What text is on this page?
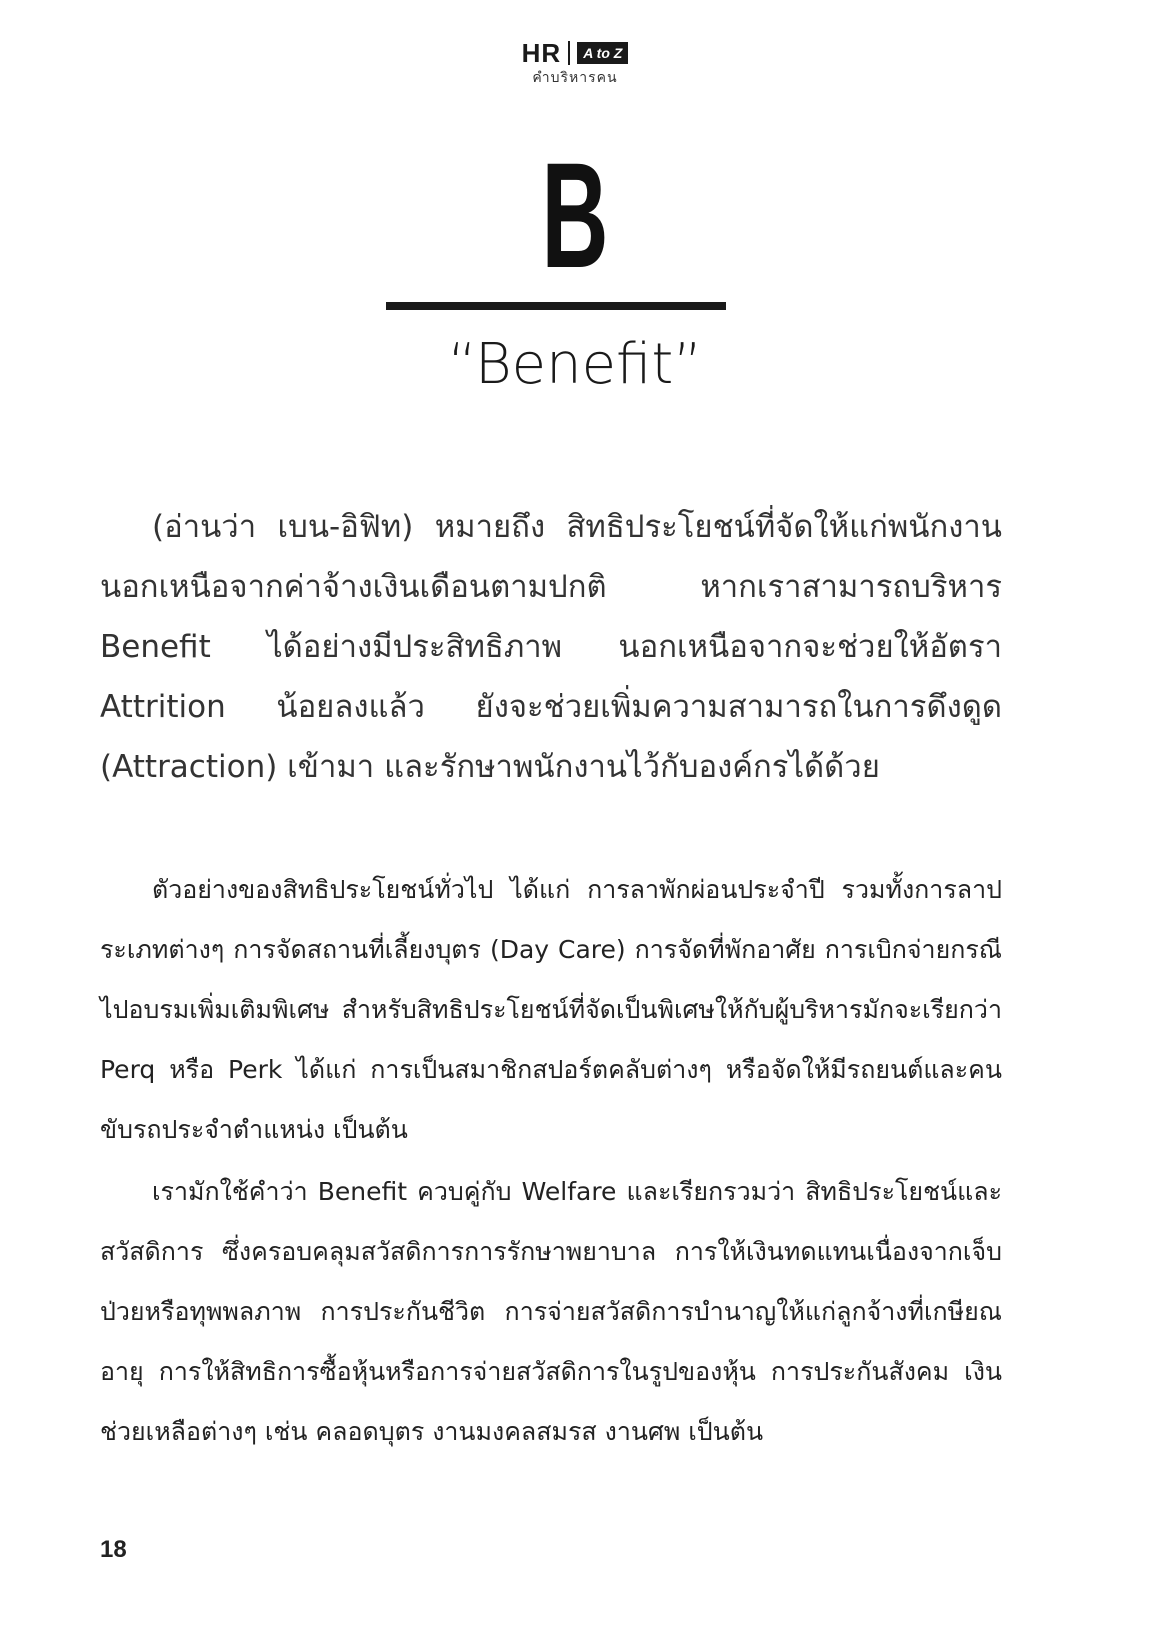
HR	A to Z
คำบริหารคน
B
“Benefit”

(อ่านว่า เบน-อิฟิท) หมายถึง สิทธิประโยชน์ที่จัดให้แก่พนักงาน นอกเหนือจากค่าจ้างเงินเดือนตามปกติ หากเราสามารถบริหาร Benefit ได้อย่างมีประสิทธิภาพ นอกเหนือจากจะช่วยให้อัตรา Attrition น้อยลงแล้ว ยังจะช่วยเพิ่มความสามารถในการดึงดูด (Attraction) เข้ามา และรักษาพนักงานไว้กับองค์กรได้ด้วย

ตัวอย่างของสิทธิประโยชน์ทั่วไป ได้แก่ การลาพักผ่อนประจำปี รวมทั้งการลาประเภทต่างๆ การจัดสถานที่เลี้ยงบุตร (Day Care) การจัดที่พักอาศัย การเบิกจ่ายกรณีไปอบรมเพิ่มเติมพิเศษ สำหรับสิทธิประโยชน์ที่จัดเป็นพิเศษให้กับผู้บริหารมักจะเรียกว่า Perq หรือ Perk ได้แก่ การเป็นสมาชิกสปอร์ตคลับต่างๆ หรือจัดให้มีรถยนต์และคนขับรถประจำตำแหน่ง เป็นต้น

เรามักใช้คำว่า Benefit ควบคู่กับ Welfare และเรียกรวมว่า สิทธิประโยชน์และสวัสดิการ ซึ่งครอบคลุมสวัสดิการการรักษาพยาบาล การให้เงินทดแทนเนื่องจากเจ็บป่วยหรือทุพพลภาพ การประกันชีวิต การจ่ายสวัสดิการบำนาญให้แก่ลูกจ้างที่เกษียณอายุ การให้สิทธิการซื้อหุ้นหรือการจ่ายสวัสดิการในรูปของหุ้น การประกันสังคม เงินช่วยเหลือต่างๆ เช่น คลอดบุตร งานมงคลสมรส งานศพ เป็นต้น

18
